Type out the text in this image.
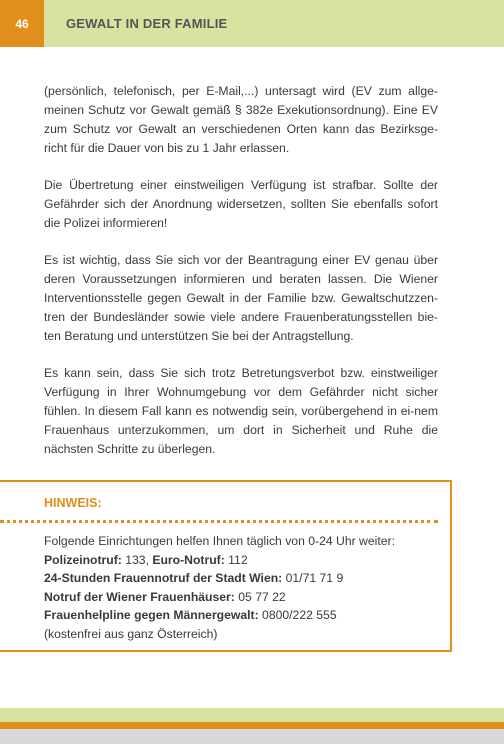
46	GEWALT IN DER FAMILIE

(persönlich, telefonisch, per E-Mail,...) untersagt wird (EV zum allge-meinen Schutz vor Gewalt gemäß § 382e Exekutionsordnung). Eine EV zum Schutz vor Gewalt an verschiedenen Orten kann das Bezirksge-richt für die Dauer von bis zu 1 Jahr erlassen.

Die Übertretung einer einstweiligen Verfügung ist strafbar. Sollte der Gefährder sich der Anordnung widersetzen, sollten Sie ebenfalls sofort die Polizei informieren!

Es ist wichtig, dass Sie sich vor der Beantragung einer EV genau über deren Voraussetzungen informieren und beraten lassen. Die Wiener Interventionsstelle gegen Gewalt in der Familie bzw. Gewaltschutzzen-tren der Bundesländer sowie viele andere Frauenberatungsstellen bie-ten Beratung und unterstützen Sie bei der Antragstellung.

Es kann sein, dass Sie sich trotz Betretungsverbot bzw. einstweiliger Verfügung in Ihrer Wohnumgebung vor dem Gefährder nicht sicher fühlen. In diesem Fall kann es notwendig sein, vorübergehend in ei-nem Frauenhaus unterzukommen, um dort in Sicherheit und Ruhe die nächsten Schritte zu überlegen.

HINWEIS:
Folgende Einrichtungen helfen Ihnen täglich von 0-24 Uhr weiter:
Polizeinotruf: 133, Euro-Notruf: 112
24-Stunden Frauennotruf der Stadt Wien: 01/71 71 9
Notruf der Wiener Frauenhäuser: 05 77 22
Frauenhelpline gegen Männergewalt: 0800/222 555
(kostenfrei aus ganz Österreich)
